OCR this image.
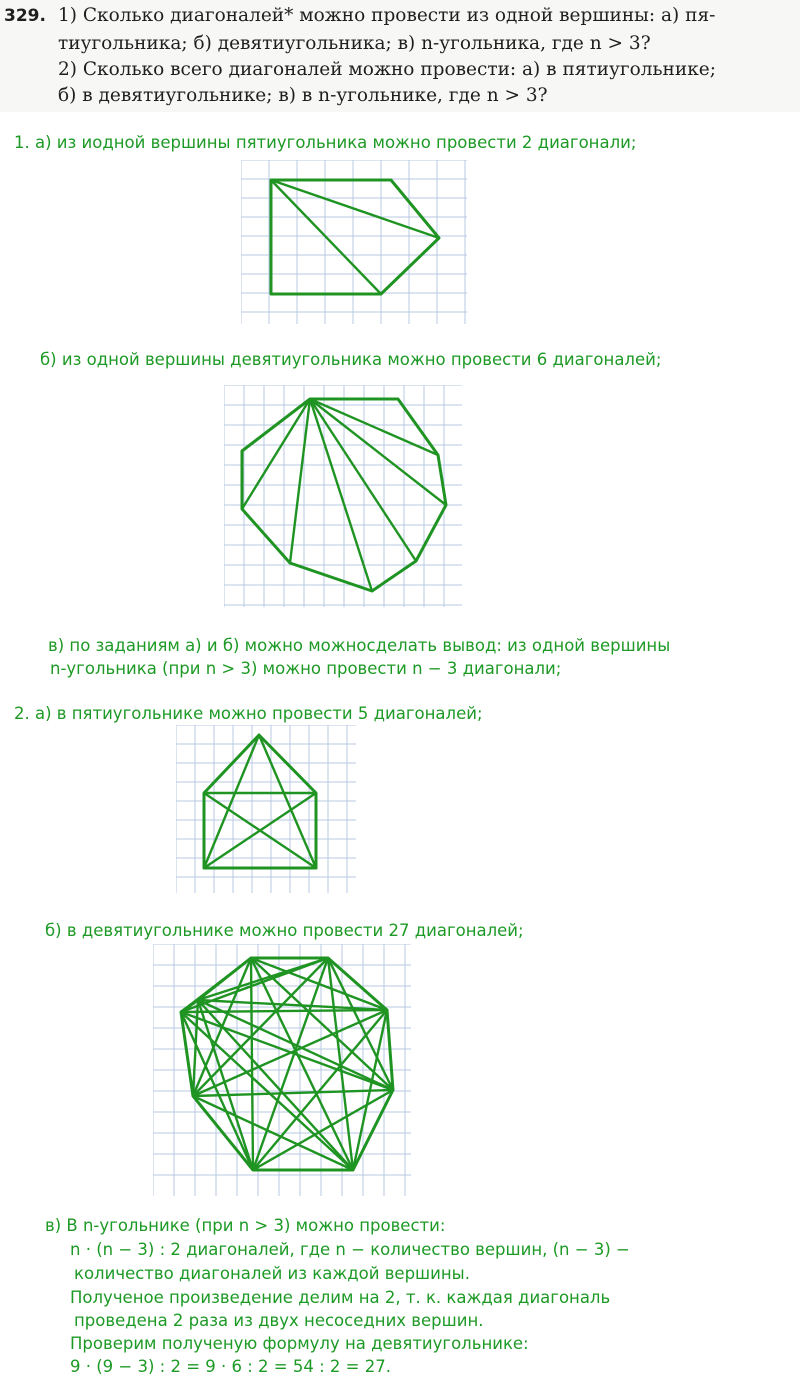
329. 1) Сколько диагоналей* можно провести из одной вершины: а) пя-
тиугольника; б) девятиугольника; в) n-угольника, где n > 3?
2) Сколько всего диагоналей можно провести: а) в пятиугольнике;
б) в девятиугольнике; в) в n-угольнике, где n > 3?
1. а) из иодной вершины пятиугольника можно провести 2 диагонали;
б) из одной вершины девятиугольника можно провести 6 диагоналей;
в) по заданиям а) и б) можно можносделать вывод: из одной вершины
n-угольника (при n > 3) можно провести n − 3 диагонали;
2. а) в пятиугольнике можно провести 5 диагоналей;
б) в девятиугольнике можно провести 27 диагоналей;
в) В n-угольнике (при n > 3) можно провести:
n · (n − 3) : 2 диагоналей, где n − количество вершин, (n − 3) −
количество диагоналей из каждой вершины.
Полученое произведение делим на 2, т. к. каждая диагональ
проведена 2 раза из двух несоседних вершин.
Проверим полученую формулу на девятиугольнике:
9 · (9 − 3) : 2 = 9 · 6 : 2 = 54 : 2 = 27.
